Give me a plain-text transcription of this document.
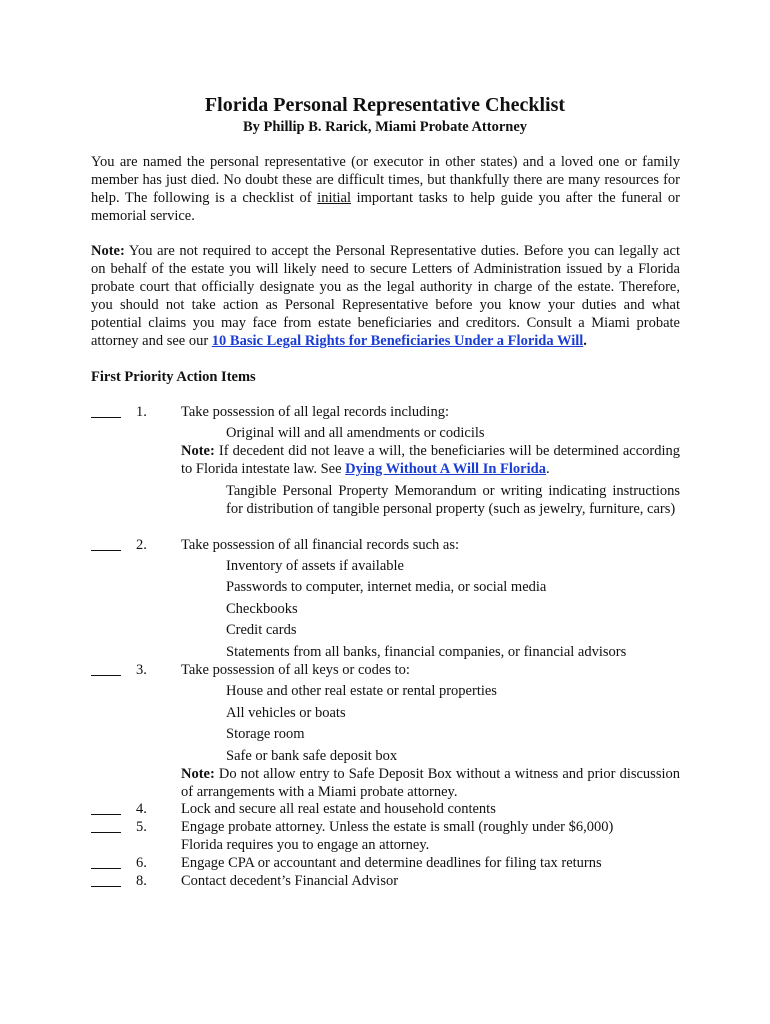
Florida Personal Representative Checklist
By Phillip B. Rarick, Miami Probate Attorney
You are named the personal representative (or executor in other states) and a loved one or family member has just died. No doubt these are difficult times, but thankfully there are many resources for help. The following is a checklist of initial important tasks to help guide you after the funeral or memorial service.
Note: You are not required to accept the Personal Representative duties. Before you can legally act on behalf of the estate you will likely need to secure Letters of Administration issued by a Florida probate court that officially designate you as the legal authority in charge of the estate. Therefore, you should not take action as Personal Representative before you know your duties and what potential claims you may face from estate beneficiaries and creditors. Consult a Miami probate attorney and see our 10 Basic Legal Rights for Beneficiaries Under a Florida Will.
First Priority Action Items
1. Take possession of all legal records including:
Original will and all amendments or codicils
Note: If decedent did not leave a will, the beneficiaries will be determined according to Florida intestate law. See Dying Without A Will In Florida.
Tangible Personal Property Memorandum or writing indicating instructions for distribution of tangible personal property (such as jewelry, furniture, cars)
2. Take possession of all financial records such as:
Inventory of assets if available
Passwords to computer, internet media, or social media
Checkbooks
Credit cards
Statements from all banks, financial companies, or financial advisors
3. Take possession of all keys or codes to:
House and other real estate or rental properties
All vehicles or boats
Storage room
Safe or bank safe deposit box
Note: Do not allow entry to Safe Deposit Box without a witness and prior discussion of arrangements with a Miami probate attorney.
4. Lock and secure all real estate and household contents
5. Engage probate attorney. Unless the estate is small (roughly under $6,000)
Florida requires you to engage an attorney.
6. Engage CPA or accountant and determine deadlines for filing tax returns
8. Contact decedent’s Financial Advisor
